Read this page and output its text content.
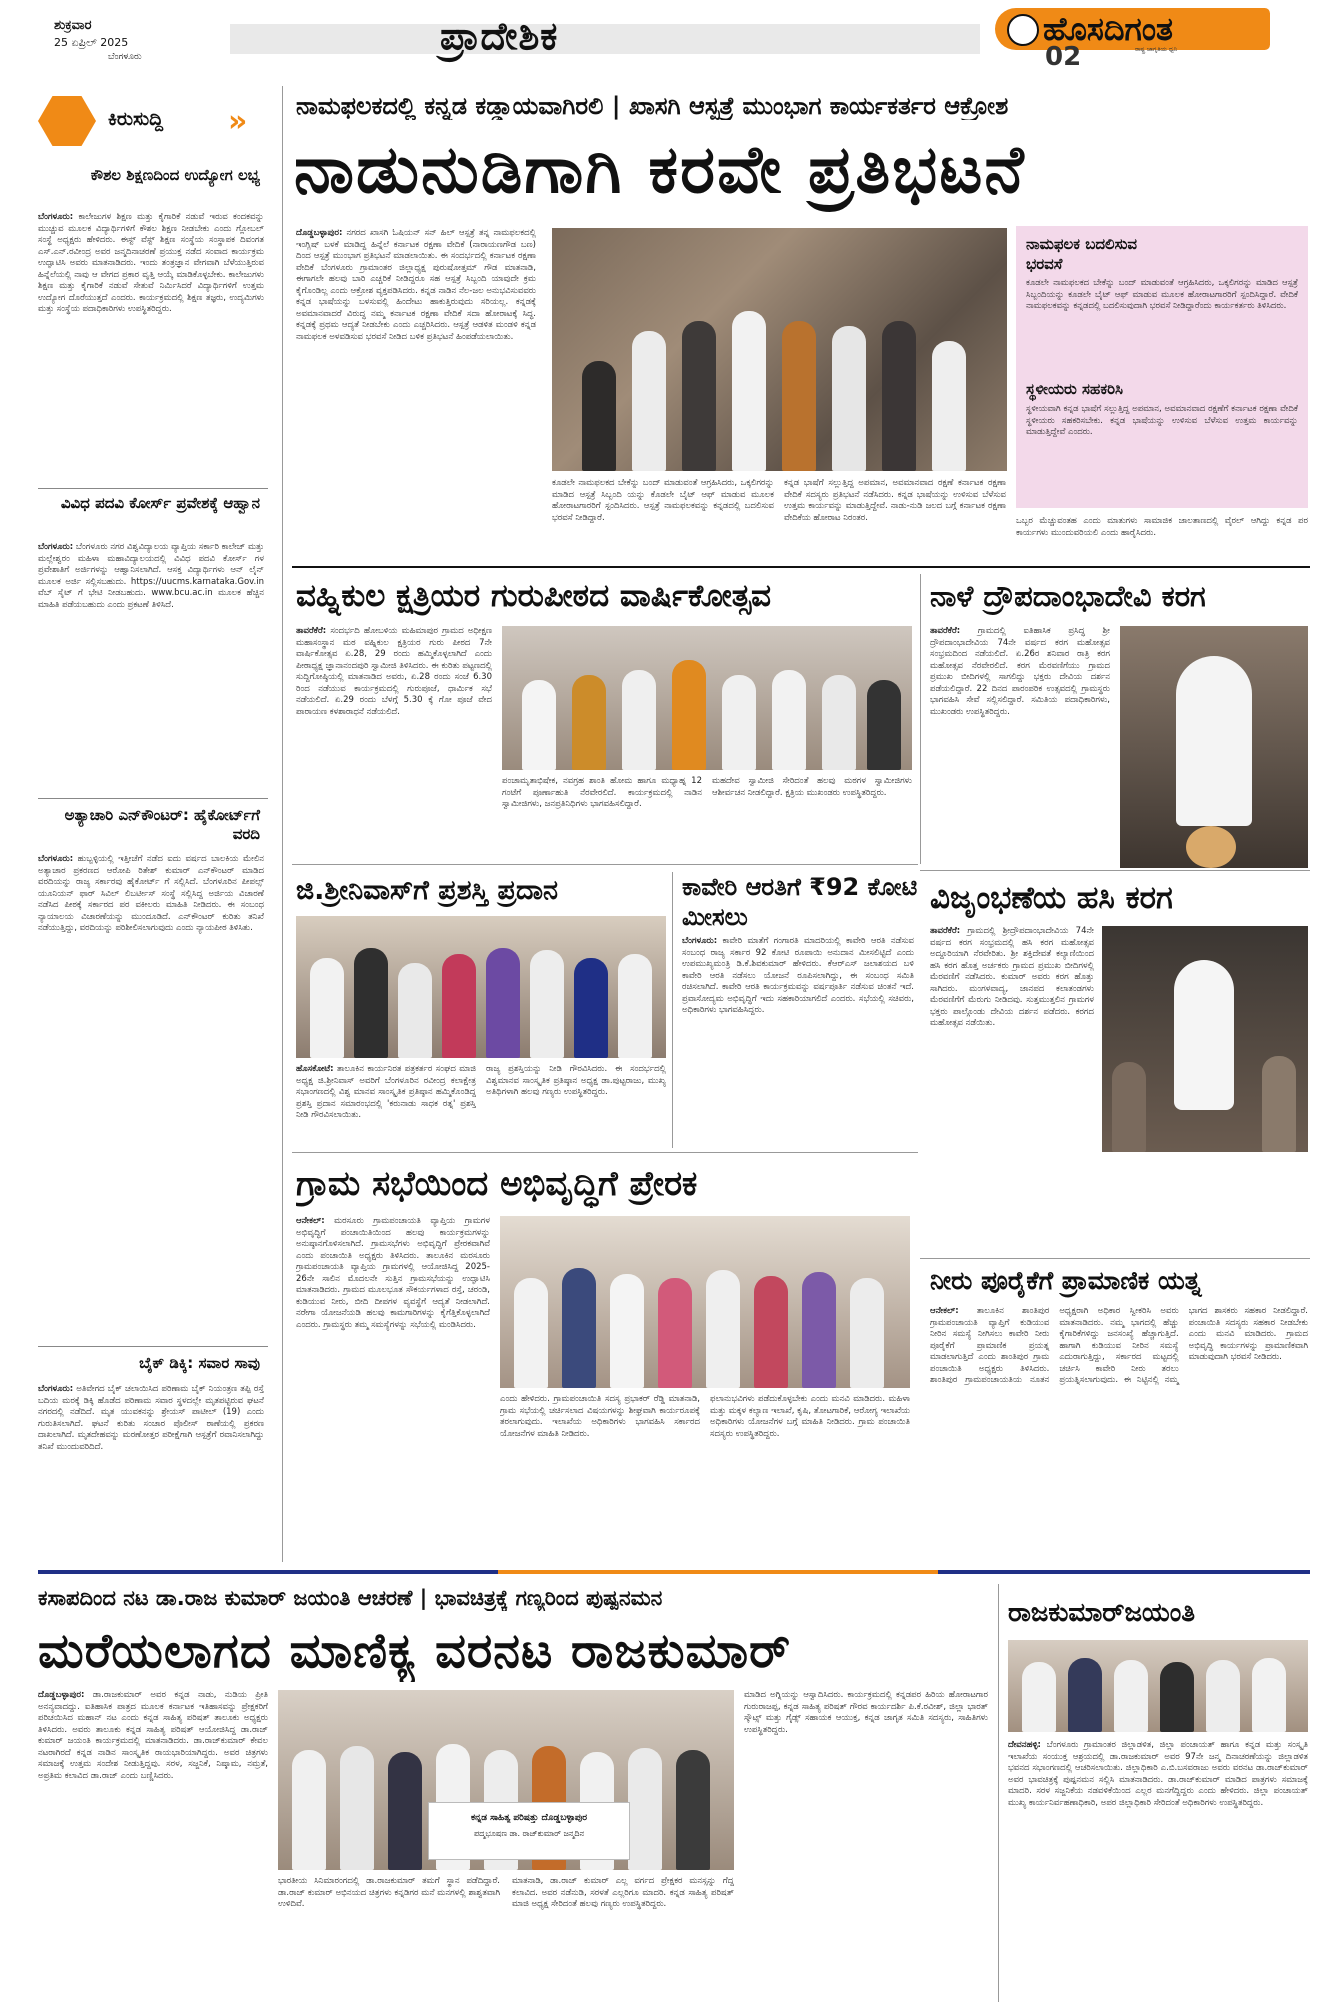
ಶುಕ್ರವಾರ
25 ಏಪ್ರಿಲ್ 2025
ಬೆಂಗಳೂರು	ಪ್ರಾದೇಶಿಕ	ಹೊಸದಿಗಂತ
ರಾಷ್ಟ್ರ ಜಾಗೃತಿಯ ಧ್ವನಿ
02
ಕಿರುಸುದ್ದಿ »
ಕೌಶಲ ಶಿಕ್ಷಣದಿಂದ ಉದ್ಯೋಗ ಲಭ್ಯ
ಬೆಂಗಳೂರು: ಕಾಲೇಜುಗಳ ಶಿಕ್ಷಣ ಮತ್ತು ಕೈಗಾರಿಕೆ ನಡುವೆ ಇರುವ ಕಂದಕವನ್ನು ಮುಚ್ಚುವ ಮೂಲಕ ವಿದ್ಯಾರ್ಥಿಗಳಿಗೆ ಕೌಶಲ ಶಿಕ್ಷಣ ನೀಡಬೇಕು ಎಂದು ಗ್ಲೋಬಲ್ ಸಂಸ್ಥೆ ಅಧ್ಯಕ್ಷರು ಹೇಳಿದರು. ಈಸ್ಟ್ ವೆಸ್ಟ್ ಶಿಕ್ಷಣ ಸಂಸ್ಥೆಯ ಸಂಸ್ಥಾಪಕ ದಿವಂಗತ ಎಸ್.ಎನ್.ರವೀಂದ್ರ ಅವರ ಜನ್ಮದಿನಾಚರಣೆ ಪ್ರಯುಕ್ತ ನಡೆದ ಸಂವಾದ ಕಾರ್ಯಕ್ರಮ ಉದ್ಘಾಟಿಸಿ ಅವರು ಮಾತನಾಡಿದರು. ಇಂದು ತಂತ್ರಜ್ಞಾನ ವೇಗವಾಗಿ ಬೆಳೆಯುತ್ತಿರುವ ಹಿನ್ನೆಲೆಯಲ್ಲಿ ನಾವು ಆ ವೇಗದ ಪ್ರಕಾರ ವೃತ್ತಿ ಆಯ್ಕೆ ಮಾಡಿಕೊಳ್ಳಬೇಕು. ಕಾಲೇಜುಗಳು ಶಿಕ್ಷಣ ಮತ್ತು ಕೈಗಾರಿಕೆ ನಡುವೆ ಸೇತುವೆ ನಿರ್ಮಿಸಿದರೆ ವಿದ್ಯಾರ್ಥಿಗಳಿಗೆ ಉತ್ತಮ ಉದ್ಯೋಗ ದೊರೆಯುತ್ತದೆ ಎಂದರು. ಕಾರ್ಯಕ್ರಮದಲ್ಲಿ ಶಿಕ್ಷಣ ತಜ್ಞರು, ಉದ್ಯಮಿಗಳು ಮತ್ತು ಸಂಸ್ಥೆಯ ಪದಾಧಿಕಾರಿಗಳು ಉಪಸ್ಥಿತರಿದ್ದರು.
ವಿವಿಧ ಪದವಿ ಕೋರ್ಸ್ ಪ್ರವೇಶಕ್ಕೆ ಆಹ್ವಾನ
ಬೆಂಗಳೂರು: ಬೆಂಗಳೂರು ನಗರ ವಿಶ್ವವಿದ್ಯಾಲಯ ವ್ಯಾಪ್ತಿಯ ಸರ್ಕಾರಿ ಕಾಲೇಜ್ ಮತ್ತು ಮಲ್ಲೇಶ್ವರಂ ಮಹಿಳಾ ಮಹಾವಿದ್ಯಾಲಯದಲ್ಲಿ ವಿವಿಧ ಪದವಿ ಕೋರ್ಸ್ ಗಳ ಪ್ರವೇಶಾತಿಗೆ ಅರ್ಜಿಗಳನ್ನು ಆಹ್ವಾನಿಸಲಾಗಿದೆ. ಆಸಕ್ತ ವಿದ್ಯಾರ್ಥಿಗಳು ಆನ್ ಲೈನ್ ಮೂಲಕ ಅರ್ಜಿ ಸಲ್ಲಿಸಬಹುದು. https://uucms.karnataka.Gov.in ವೆಬ್ ಸೈಟ್ ಗೆ ಭೇಟಿ ನೀಡಬಹುದು. www.bcu.ac.in ಮೂಲಕ ಹೆಚ್ಚಿನ ಮಾಹಿತಿ ಪಡೆಯಬಹುದು ಎಂದು ಪ್ರಕಟಣೆ ತಿಳಿಸಿದೆ.
ಅತ್ಯಾಚಾರಿ ಎನ್‌ಕೌಂಟರ್: ಹೈಕೋರ್ಟ್‌ಗೆ ವರದಿ
ಬೆಂಗಳೂರು: ಹುಬ್ಬಳ್ಳಿಯಲ್ಲಿ ಇತ್ತೀಚೆಗೆ ನಡೆದ ಐದು ವರ್ಷದ ಬಾಲಕಿಯ ಮೇಲಿನ ಅತ್ಯಾಚಾರ ಪ್ರಕರಣದ ಆರೋಪಿ ರಿತೇಶ್ ಕುಮಾರ್ ಎನ್‌ಕೌಂಟರ್ ಮಾಡಿದ ವರದಿಯನ್ನು ರಾಜ್ಯ ಸರ್ಕಾರವು ಹೈಕೋರ್ಟ್ ಗೆ ಸಲ್ಲಿಸಿದೆ. ಬೆಂಗಳೂರಿನ ಪೀಪಲ್ಸ್ ಯೂನಿಯನ್ ಫಾರ್ ಸಿವಿಲ್ ಲಿಬರ್ಟೀಸ್ ಸಂಸ್ಥೆ ಸಲ್ಲಿಸಿದ್ದ ಅರ್ಜಿಯ ವಿಚಾರಣೆ ನಡೆಸಿದ ಪೀಠಕ್ಕೆ ಸರ್ಕಾರದ ಪರ ವಕೀಲರು ಮಾಹಿತಿ ನೀಡಿದರು. ಈ ಸಂಬಂಧ ನ್ಯಾಯಾಲಯ ವಿಚಾರಣೆಯನ್ನು ಮುಂದೂಡಿದೆ. ಎನ್‌ಕೌಂಟರ್ ಕುರಿತು ತನಿಖೆ ನಡೆಯುತ್ತಿದ್ದು, ವರದಿಯನ್ನು ಪರಿಶೀಲಿಸಲಾಗುವುದು ಎಂದು ನ್ಯಾಯಪೀಠ ತಿಳಿಸಿತು.
ಬೈಕ್ ಡಿಕ್ಕಿ: ಸವಾರ ಸಾವು
ಬೆಂಗಳೂರು: ಅತಿವೇಗದ ಬೈಕ್ ಚಲಾಯಿಸಿದ ಪರಿಣಾಮ ಬೈಕ್ ನಿಯಂತ್ರಣ ತಪ್ಪಿ ರಸ್ತೆ ಬದಿಯ ಮರಕ್ಕೆ ಡಿಕ್ಕಿ ಹೊಡೆದ ಪರಿಣಾಮ ಸವಾರ ಸ್ಥಳದಲ್ಲೇ ಮೃತಪಟ್ಟಿರುವ ಘಟನೆ ನಗರದಲ್ಲಿ ನಡೆದಿದೆ. ಮೃತ ಯುವಕನನ್ನು ಶ್ರೇಯಸ್ ಪಾಟೀಲ್ (19) ಎಂದು ಗುರುತಿಸಲಾಗಿದೆ. ಘಟನೆ ಕುರಿತು ಸಂಚಾರ ಪೊಲೀಸ್ ಠಾಣೆಯಲ್ಲಿ ಪ್ರಕರಣ ದಾಖಲಾಗಿದೆ. ಮೃತದೇಹವನ್ನು ಮರಣೋತ್ತರ ಪರೀಕ್ಷೆಗಾಗಿ ಆಸ್ಪತ್ರೆಗೆ ರವಾನಿಸಲಾಗಿದ್ದು ತನಿಖೆ ಮುಂದುವರಿದಿದೆ.
ನಾಮಫಲಕದಲ್ಲಿ ಕನ್ನಡ ಕಡ್ಡಾಯವಾಗಿರಲಿ | ಖಾಸಗಿ ಆಸ್ಪತ್ರೆ ಮುಂಭಾಗ ಕಾರ್ಯಕರ್ತರ ಆಕ್ರೋಶ
ನಾಡುನುಡಿಗಾಗಿ ಕರವೇ ಪ್ರತಿಭಟನೆ
ದೊಡ್ಡಬಳ್ಳಾಪುರ: ನಗರದ ಖಾಸಗಿ ಓಷಿಯನ್ ಸನ್ ಹಿಲ್ ಆಸ್ಪತ್ರೆ ತನ್ನ ನಾಮಫಲಕದಲ್ಲಿ ಇಂಗ್ಲಿಷ್ ಬಳಕೆ ಮಾಡಿದ್ದ ಹಿನ್ನೆಲೆ ಕರ್ನಾಟಕ ರಕ್ಷಣಾ ವೇದಿಕೆ (ನಾರಾಯಣಗೌಡ ಬಣ) ದಿಂದ ಆಸ್ಪತ್ರೆ ಮುಂಭಾಗ ಪ್ರತಿಭಟನೆ ಮಾಡಲಾಯಿತು. ಈ ಸಂದರ್ಭದಲ್ಲಿ ಕರ್ನಾಟಕ ರಕ್ಷಣಾ ವೇದಿಕೆ ಬೆಂಗಳೂರು ಗ್ರಾಮಾಂತರ ಜಿಲ್ಲಾಧ್ಯಕ್ಷ ಪುರುಷೋತ್ತಮ್ ಗೌಡ ಮಾತನಾಡಿ, ಈಗಾಗಲೇ ಹಲವು ಬಾರಿ ಎಚ್ಚರಿಕೆ ನೀಡಿದ್ದರೂ ಸಹ ಆಸ್ಪತ್ರೆ ಸಿಬ್ಬಂದಿ ಯಾವುದೇ ಕ್ರಮ ಕೈಗೊಂಡಿಲ್ಲ ಎಂದು ಆಕ್ರೋಶ ವ್ಯಕ್ತಪಡಿಸಿದರು. ಕನ್ನಡ ನಾಡಿನ ನೆಲ-ಜಲ ಅನುಭವಿಸುವವರು ಕನ್ನಡ ಭಾಷೆಯನ್ನು ಬಳಸುವಲ್ಲಿ ಹಿಂದೇಟು ಹಾಕುತ್ತಿರುವುದು ಸರಿಯಲ್ಲ. ಕನ್ನಡಕ್ಕೆ ಅವಮಾನವಾದರೆ ವಿರುದ್ಧ ನಮ್ಮ ಕರ್ನಾಟಕ ರಕ್ಷಣಾ ವೇದಿಕೆ ಸದಾ ಹೋರಾಟಕ್ಕೆ ಸಿದ್ಧ. ಕನ್ನಡಕ್ಕೆ ಪ್ರಥಮ ಆದ್ಯತೆ ನೀಡಬೇಕು ಎಂದು ಎಚ್ಚರಿಸಿದರು. ಆಸ್ಪತ್ರೆ ಆಡಳಿತ ಮಂಡಳಿ ಕನ್ನಡ ನಾಮಫಲಕ ಅಳವಡಿಸುವ ಭರವಸೆ ನೀಡಿದ ಬಳಿಕ ಪ್ರತಿಭಟನೆ ಹಿಂಪಡೆಯಲಾಯಿತು.
ಕೂಡಲೇ ನಾಮಫಲಕದ ಬೇಕೆನ್ನು ಬಂದ್ ಮಾಡುವಂತೆ ಆಗ್ರಹಿಸಿದರು, ಒಕ್ಕಲಿಗರನ್ನು ಮಾಡಿದ ಆಸ್ಪತ್ರೆ ಸಿಬ್ಬಂದಿ ಯನ್ನು ಕೊಡಲೇ ಬೈಟ್ ಆಫ್ ಮಾಡುವ ಮೂಲಕ ಹೋರಾಟಗಾರರಿಗೆ ಸ್ಪಂದಿಸಿದರು. ಆಸ್ಪತ್ರೆ ನಾಮಫಲಕವನ್ನು ಕನ್ನಡದಲ್ಲಿ ಬದಲಿಸುವ ಭರವಸೆ ನೀಡಿದ್ದಾರೆ.
ಕನ್ನಡ ಭಾಷೆಗೆ ಸಲ್ಲುತ್ತಿದ್ದ ಅಪಮಾನ, ಅವಮಾನವಾದ ರಕ್ಷಣೆ ಕರ್ನಾಟಕ ರಕ್ಷಣಾ ವೇದಿಕೆ ಸದಸ್ಯರು ಪ್ರತಿಭಟನೆ ನಡೆಸಿದರು. ಕನ್ನಡ ಭಾಷೆಯನ್ನು ಉಳಿಸುವ ಬೆಳೆಸುವ ಉತ್ತಮ ಕಾರ್ಯವನ್ನು ಮಾಡುತ್ತಿದ್ದೇವೆ. ನಾಡು-ನುಡಿ ಜಲದ ಬಗ್ಗೆ ಕರ್ನಾಟಕ ರಕ್ಷಣಾ ವೇದಿಕೆಯ ಹೋರಾಟ ನಿರಂತರ.
ನಾಮಫಲಕ ಬದಲಿಸುವ ಭರವಸೆ
ಕೂಡಲೇ ನಾಮಫಲಕದ ಬೇಕೆನ್ನು ಬಂದ್ ಮಾಡುವಂತೆ ಆಗ್ರಹಿಸಿದರು, ಒಕ್ಕಲಿಗರನ್ನು ಮಾಡಿದ ಆಸ್ಪತ್ರೆ ಸಿಬ್ಬಂದಿಯನ್ನು ಕೂಡಲೇ ಬೈಟ್ ಆಫ್ ಮಾಡುವ ಮೂಲಕ ಹೋರಾಟಗಾರರಿಗೆ ಸ್ಪಂದಿಸಿದ್ದಾರೆ. ವೇದಿಕೆ ನಾಮಫಲಕವನ್ನು ಕನ್ನಡದಲ್ಲಿ ಬದಲಿಸುವುದಾಗಿ ಭರವಸೆ ನೀಡಿದ್ದಾರೆಂದು ಕಾರ್ಯಕರ್ತರು ತಿಳಿಸಿದರು.
ಸ್ಥಳೀಯರು ಸಹಕರಿಸಿ
ಸ್ಥಳೀಯವಾಗಿ ಕನ್ನಡ ಭಾಷೆಗೆ ಸಲ್ಲುತ್ತಿದ್ದ ಅಪಮಾನ, ಅವಮಾನವಾದ ರಕ್ಷಣೆಗೆ ಕರ್ನಾಟಕ ರಕ್ಷಣಾ ವೇದಿಕೆ ಸ್ಥಳೀಯರು ಸಹಕರಿಸಬೇಕು. ಕನ್ನಡ ಭಾಷೆಯನ್ನು ಉಳಿಸುವ ಬೆಳೆಸುವ ಉತ್ತಮ ಕಾರ್ಯವನ್ನು ಮಾಡುತ್ತಿದ್ದೇವೆ ಎಂದರು.
ಒಬ್ಬರ ಮೆಚ್ಚುವಂತಹ ಎಂದು ಮಾತುಗಳು ಸಾಮಾಜಿಕ ಜಾಲತಾಣದಲ್ಲಿ ವೈರಲ್ ಆಗಿದ್ದು ಕನ್ನಡ ಪರ ಕಾರ್ಯಗಳು ಮುಂದುವರಿಯಲಿ ಎಂದು ಹಾರೈಸಿದರು.
ವಹ್ನಿಕುಲ ಕ್ಷತ್ರಿಯರ ಗುರುಪೀಠದ ವಾರ್ಷಿಕೋತ್ಸವ
ತಾವರೆಕೆರೆ: ಸಂದರ್ಭದಿ ಹೋಬಳಿಯ ಮಹಿಮಾಪುರ ಗ್ರಾಮದ ಅಧೀಕ್ಷಣ ಮಹಾಸಂಸ್ಥಾನ ಮಠ ವಹ್ನಿಕುಲ ಕ್ಷತ್ರಿಯರ ಗುರು ಪೀಠದ 7ನೇ ವಾರ್ಷಿಕೋತ್ಸವ ಏ.28, 29 ರಂದು ಹಮ್ಮಿಕೊಳ್ಳಲಾಗಿದೆ ಎಂದು ಪೀಠಾಧ್ಯಕ್ಷ ಜ್ಞಾನಾನಂದಪುರಿ ಸ್ವಾಮೀಜಿ ತಿಳಿಸಿದರು. ಈ ಕುರಿತು ಪಟ್ಟಣದಲ್ಲಿ ಸುದ್ದಿಗೋಷ್ಠಿಯಲ್ಲಿ ಮಾತನಾಡಿದ ಅವರು, ಏ.28 ರಂದು ಸಂಜೆ 6.30 ರಿಂದ ನಡೆಯುವ ಕಾರ್ಯಕ್ರಮದಲ್ಲಿ ಗುರುಪೂಜೆ, ಧಾರ್ಮಿಕ ಸಭೆ ನಡೆಯಲಿದೆ. ಏ.29 ರಂದು ಬೆಳಗ್ಗೆ 5.30 ಕ್ಕೆ ಗೋ ಪೂಜೆ ವೇದ ಪಾರಾಯಣ ಕಳಶಾರಾಧನೆ ನಡೆಯಲಿದೆ.
ಪಂಚಾಮೃತಾಭಿಷೇಕ, ನವಗ್ರಹ ಶಾಂತಿ ಹೋಮ ಹಾಗೂ ಮಧ್ಯಾಹ್ನ 12 ಗಂಟೆಗೆ ಪೂರ್ಣಾಹುತಿ ನೆರವೇರಲಿದೆ. ಕಾರ್ಯಕ್ರಮದಲ್ಲಿ ನಾಡಿನ ಸ್ವಾಮೀಜಿಗಳು, ಜನಪ್ರತಿನಿಧಿಗಳು ಭಾಗವಹಿಸಲಿದ್ದಾರೆ.
ಮಹದೇವ ಸ್ವಾಮೀಜಿ ಸೇರಿದಂತೆ ಹಲವು ಮಠಗಳ ಸ್ವಾಮೀಜಿಗಳು ಆಶೀರ್ವಚನ ನೀಡಲಿದ್ದಾರೆ. ಕ್ಷತ್ರಿಯ ಮುಖಂಡರು ಉಪಸ್ಥಿತರಿದ್ದರು.
ನಾಳೆ ದ್ರೌಪದಾಂಭಾದೇವಿ ಕರಗ
ತಾವರೆಕೆರೆ: ಗ್ರಾಮದಲ್ಲಿ ಐತಿಹಾಸಿಕ ಪ್ರಸಿದ್ಧ ಶ್ರೀ ದ್ರೌಪದಾಂಭಾದೇವಿಯ 74ನೇ ವರ್ಷದ ಕರಗ ಮಹೋತ್ಸವ ಸಂಭ್ರಮದಿಂದ ನಡೆಯಲಿದೆ. ಏ.26ರ ಶನಿವಾರ ರಾತ್ರಿ ಕರಗ ಮಹೋತ್ಸವ ನೆರವೇರಲಿದೆ. ಕರಗ ಮೆರವಣಿಗೆಯು ಗ್ರಾಮದ ಪ್ರಮುಖ ಬೀದಿಗಳಲ್ಲಿ ಸಾಗಲಿದ್ದು ಭಕ್ತರು ದೇವಿಯ ದರ್ಶನ ಪಡೆಯಲಿದ್ದಾರೆ. 22 ದಿನದ ಪಾರಂಪರಿಕ ಉತ್ಸವದಲ್ಲಿ ಗ್ರಾಮಸ್ಥರು ಭಾಗವಹಿಸಿ ಸೇವೆ ಸಲ್ಲಿಸಲಿದ್ದಾರೆ. ಸಮಿತಿಯ ಪದಾಧಿಕಾರಿಗಳು, ಮುಖಂಡರು ಉಪಸ್ಥಿತರಿದ್ದರು.
ಜಿ.ಶ್ರೀನಿವಾಸ್‌ಗೆ ಪ್ರಶಸ್ತಿ ಪ್ರದಾನ
ಹೊಸಕೋಟೆ: ತಾಲೂಕಿನ ಕಾರ್ಯನಿರತ ಪತ್ರಕರ್ತರ ಸಂಘದ ಮಾಜಿ ಅಧ್ಯಕ್ಷ ಜಿ.ಶ್ರೀನಿವಾಸ್ ಅವರಿಗೆ ಬೆಂಗಳೂರಿನ ರವೀಂದ್ರ ಕಲಾಕ್ಷೇತ್ರ ಸಭಾಂಗಣದಲ್ಲಿ ವಿಶ್ವ ಮಾನವ ಸಾಂಸ್ಕೃತಿಕ ಪ್ರತಿಷ್ಠಾನ ಹಮ್ಮಿಕೊಂಡಿದ್ದ ಪ್ರಶಸ್ತಿ ಪ್ರದಾನ ಸಮಾರಂಭದಲ್ಲಿ 'ಕರುನಾಡು ಸಾಧಕ ರತ್ನ' ಪ್ರಶಸ್ತಿ ನೀಡಿ ಗೌರವಿಸಲಾಯಿತು.
ರಾಜ್ಯ ಪ್ರಶಸ್ತಿಯನ್ನು ನೀಡಿ ಗೌರವಿಸಿದರು. ಈ ಸಂದರ್ಭದಲ್ಲಿ ವಿಶ್ವಮಾನವ ಸಾಂಸ್ಕೃತಿಕ ಪ್ರತಿಷ್ಠಾನ ಅಧ್ಯಕ್ಷ ಡಾ.ಪುಟ್ಟರಾಜು, ಮುಖ್ಯ ಅತಿಥಿಗಳಾಗಿ ಹಲವು ಗಣ್ಯರು ಉಪಸ್ಥಿತರಿದ್ದರು.
ಕಾವೇರಿ ಆರತಿಗೆ ₹92 ಕೋಟಿ ಮೀಸಲು
ಬೆಂಗಳೂರು: ಕಾವೇರಿ ಮಾತೆಗೆ ಗಂಗಾರತಿ ಮಾದರಿಯಲ್ಲಿ ಕಾವೇರಿ ಆರತಿ ನಡೆಸುವ ಸಂಬಂಧ ರಾಜ್ಯ ಸರ್ಕಾರ 92 ಕೋಟಿ ರೂಪಾಯಿ ಅನುದಾನ ಮೀಸಲಿಟ್ಟಿದೆ ಎಂದು ಉಪಮುಖ್ಯಮಂತ್ರಿ ಡಿ.ಕೆ.ಶಿವಕುಮಾರ್ ಹೇಳಿದರು. ಕೆಆರ್‌ಎಸ್ ಜಲಾಶಯದ ಬಳಿ ಕಾವೇರಿ ಆರತಿ ನಡೆಸಲು ಯೋಜನೆ ರೂಪಿಸಲಾಗಿದ್ದು, ಈ ಸಂಬಂಧ ಸಮಿತಿ ರಚಿಸಲಾಗಿದೆ. ಕಾವೇರಿ ಆರತಿ ಕಾರ್ಯಕ್ರಮವನ್ನು ವರ್ಷಪೂರ್ತಿ ನಡೆಸುವ ಚಿಂತನೆ ಇದೆ. ಪ್ರವಾಸೋದ್ಯಮ ಅಭಿವೃದ್ಧಿಗೆ ಇದು ಸಹಕಾರಿಯಾಗಲಿದೆ ಎಂದರು. ಸಭೆಯಲ್ಲಿ ಸಚಿವರು, ಅಧಿಕಾರಿಗಳು ಭಾಗವಹಿಸಿದ್ದರು.
ವಿಜೃಂಭಣೆಯ ಹಸಿ ಕರಗ
ತಾವರೆಕೆರೆ: ಗ್ರಾಮದಲ್ಲಿ ಶ್ರೀದ್ರೌಪದಾಂಭಾದೇವಿಯ 74ನೇ ವರ್ಷದ ಕರಗ ಸಂಭ್ರಮದಲ್ಲಿ ಹಸಿ ಕರಗ ಮಹೋತ್ಸವ ಅದ್ದೂರಿಯಾಗಿ ನೆರವೇರಿತು. ಶ್ರೀ ಶಕ್ತಿದೇವತೆ ಕಲ್ಯಾಣಿಯಿಂದ ಹಸಿ ಕರಗ ಹೊತ್ತ ಅರ್ಚಕರು ಗ್ರಾಮದ ಪ್ರಮುಖ ಬೀದಿಗಳಲ್ಲಿ ಮೆರವಣಿಗೆ ನಡೆಸಿದರು. ಕುಮಾರ್ ಅವರು ಕರಗ ಹೊತ್ತು ಸಾಗಿದರು. ಮಂಗಳವಾದ್ಯ, ಜಾನಪದ ಕಲಾತಂಡಗಳು ಮೆರವಣಿಗೆಗೆ ಮೆರುಗು ನೀಡಿದವು. ಸುತ್ತಮುತ್ತಲಿನ ಗ್ರಾಮಗಳ ಭಕ್ತರು ಪಾಲ್ಗೊಂಡು ದೇವಿಯ ದರ್ಶನ ಪಡೆದರು. ಕರಗದ ಮಹೋತ್ಸವ ನಡೆಯಿತು.
ಗ್ರಾಮ ಸಭೆಯಿಂದ ಅಭಿವೃದ್ಧಿಗೆ ಪ್ರೇರಕ
ಆನೇಕಲ್: ಮರಸೂರು ಗ್ರಾಮಪಂಚಾಯತಿ ವ್ಯಾಪ್ತಿಯ ಗ್ರಾಮಗಳ ಅಭಿವೃದ್ಧಿಗೆ ಪಂಚಾಯಿತಿಯಿಂದ ಹಲವು ಕಾರ್ಯಕ್ರಮಗಳನ್ನು ಅನುಷ್ಠಾನಗೊಳಿಸಲಾಗಿದೆ. ಗ್ರಾಮಸಭೆಗಳು ಅಭಿವೃದ್ಧಿಗೆ ಪ್ರೇರಕವಾಗಿವೆ ಎಂದು ಪಂಚಾಯಿತಿ ಅಧ್ಯಕ್ಷರು ತಿಳಿಸಿದರು. ತಾಲೂಕಿನ ಮರಸೂರು ಗ್ರಾಮಪಂಚಾಯತಿ ವ್ಯಾಪ್ತಿಯ ಗ್ರಾಮಗಳಲ್ಲಿ ಆಯೋಜಿಸಿದ್ದ 2025-26ನೇ ಸಾಲಿನ ಮೊದಲನೇ ಸುತ್ತಿನ ಗ್ರಾಮಸಭೆಯನ್ನು ಉದ್ಘಾಟಿಸಿ ಮಾತನಾಡಿದರು. ಗ್ರಾಮದ ಮೂಲಭೂತ ಸೌಕರ್ಯಗಳಾದ ರಸ್ತೆ, ಚರಂಡಿ, ಕುಡಿಯುವ ನೀರು, ಬೀದಿ ದೀಪಗಳ ವ್ಯವಸ್ಥೆಗೆ ಆದ್ಯತೆ ನೀಡಲಾಗಿದೆ. ನರೇಗಾ ಯೋಜನೆಯಡಿ ಹಲವು ಕಾಮಗಾರಿಗಳನ್ನು ಕೈಗೆತ್ತಿಕೊಳ್ಳಲಾಗಿದೆ ಎಂದರು. ಗ್ರಾಮಸ್ಥರು ತಮ್ಮ ಸಮಸ್ಯೆಗಳನ್ನು ಸಭೆಯಲ್ಲಿ ಮಂಡಿಸಿದರು.
ಎಂದು ಹೇಳಿದರು. ಗ್ರಾಮಪಂಚಾಯಿತಿ ಸದಸ್ಯ ಪ್ರಭಾಕರ್ ರೆಡ್ಡಿ ಮಾತನಾಡಿ, ಗ್ರಾಮ ಸಭೆಯಲ್ಲಿ ಚರ್ಚಿಸಲಾದ ವಿಷಯಗಳನ್ನು ಶೀಘ್ರವಾಗಿ ಕಾರ್ಯರೂಪಕ್ಕೆ ತರಲಾಗುವುದು. ಇಲಾಖೆಯ ಅಧಿಕಾರಿಗಳು ಭಾಗವಹಿಸಿ ಸರ್ಕಾರದ ಯೋಜನೆಗಳ ಮಾಹಿತಿ ನೀಡಿದರು.
ಫಲಾನುಭವಿಗಳು ಪಡೆದುಕೊಳ್ಳಬೇಕು ಎಂದು ಮನವಿ ಮಾಡಿದರು. ಮಹಿಳಾ ಮತ್ತು ಮಕ್ಕಳ ಕಲ್ಯಾಣ ಇಲಾಖೆ, ಕೃಷಿ, ತೋಟಗಾರಿಕೆ, ಆರೋಗ್ಯ ಇಲಾಖೆಯ ಅಧಿಕಾರಿಗಳು ಯೋಜನೆಗಳ ಬಗ್ಗೆ ಮಾಹಿತಿ ನೀಡಿದರು. ಗ್ರಾಮ ಪಂಚಾಯಿತಿ ಸದಸ್ಯರು ಉಪಸ್ಥಿತರಿದ್ದರು.
ನೀರು ಪೂರೈಕೆಗೆ ಪ್ರಾಮಾಣಿಕ ಯತ್ನ
ಆನೇಕಲ್: ತಾಲೂಕಿನ ಶಾಂತಿಪುರ ಗ್ರಾಮಪಂಚಾಯತಿ ವ್ಯಾಪ್ತಿಗೆ ಕುಡಿಯುವ ನೀರಿನ ಸಮಸ್ಯೆ ನೀಗಿಸಲು ಕಾವೇರಿ ನೀರು ಪೂರೈಕೆಗೆ ಪ್ರಾಮಾಣಿಕ ಪ್ರಯತ್ನ ಮಾಡಲಾಗುತ್ತಿದೆ ಎಂದು ಶಾಂತಿಪುರ ಗ್ರಾಮ ಪಂಚಾಯಿತಿ ಅಧ್ಯಕ್ಷರು ತಿಳಿಸಿದರು. ಶಾಂತಿಪುರ ಗ್ರಾಮಪಂಚಾಯತಿಯ ನೂತನ ಅಧ್ಯಕ್ಷರಾಗಿ ಅಧಿಕಾರ ಸ್ವೀಕರಿಸಿ ಅವರು ಮಾತನಾಡಿದರು. ನಮ್ಮ ಭಾಗದಲ್ಲಿ ಹೆಚ್ಚು ಕೈಗಾರಿಕೆಗಳಿದ್ದು ಜನಸಂಖ್ಯೆ ಹೆಚ್ಚಾಗುತ್ತಿದೆ. ಹಾಗಾಗಿ ಕುಡಿಯುವ ನೀರಿನ ಸಮಸ್ಯೆ ಎದುರಾಗುತ್ತಿದ್ದು, ಸರ್ಕಾರದ ಮಟ್ಟದಲ್ಲಿ ಚರ್ಚಿಸಿ ಕಾವೇರಿ ನೀರು ತರಲು ಪ್ರಯತ್ನಿಸಲಾಗುವುದು. ಈ ನಿಟ್ಟಿನಲ್ಲಿ ನಮ್ಮ ಭಾಗದ ಶಾಸಕರು ಸಹಕಾರ ನೀಡಲಿದ್ದಾರೆ. ಪಂಚಾಯಿತಿ ಸದಸ್ಯರು ಸಹಕಾರ ನೀಡಬೇಕು ಎಂದು ಮನವಿ ಮಾಡಿದರು. ಗ್ರಾಮದ ಅಭಿವೃದ್ಧಿ ಕಾರ್ಯಗಳನ್ನು ಪ್ರಾಮಾಣಿಕವಾಗಿ ಮಾಡುವುದಾಗಿ ಭರವಸೆ ನೀಡಿದರು.
ಕಸಾಪದಿಂದ ನಟ ಡಾ.ರಾಜ ಕುಮಾರ್ ಜಯಂತಿ ಆಚರಣೆ | ಭಾವಚಿತ್ರಕ್ಕೆ ಗಣ್ಯರಿಂದ ಪುಷ್ಪನಮನ
ಮರೆಯಲಾಗದ ಮಾಣಿಕ್ಯ ವರನಟ ರಾಜಕುಮಾರ್
ದೊಡ್ಡಬಳ್ಳಾಪುರ: ಡಾ.ರಾಜಕುಮಾರ್ ಅವರ ಕನ್ನಡ ನಾಡು, ನುಡಿಯ ಪ್ರೀತಿ ಅನನ್ಯವಾದದ್ದು. ಐತಿಹಾಸಿಕ ಪಾತ್ರದ ಮೂಲಕ ಕರ್ನಾಟಕ ಇತಿಹಾಸವನ್ನು ಪ್ರೇಕ್ಷಕರಿಗೆ ಪರಿಚಯಿಸಿದ ಮಹಾನ್ ನಟ ಎಂದು ಕನ್ನಡ ಸಾಹಿತ್ಯ ಪರಿಷತ್ ತಾಲೂಕು ಅಧ್ಯಕ್ಷರು ತಿಳಿಸಿದರು. ಅವರು ತಾಲೂಕು ಕನ್ನಡ ಸಾಹಿತ್ಯ ಪರಿಷತ್ ಆಯೋಜಿಸಿದ್ದ ಡಾ.ರಾಜ್ ಕುಮಾರ್ ಜಯಂತಿ ಕಾರ್ಯಕ್ರಮದಲ್ಲಿ ಮಾತನಾಡಿದರು. ಡಾ.ರಾಜ್‌ಕುಮಾರ್ ಕೇವಲ ನಟರಾಗಿರದೆ ಕನ್ನಡ ನಾಡಿನ ಸಾಂಸ್ಕೃತಿಕ ರಾಯಭಾರಿಯಾಗಿದ್ದರು. ಅವರ ಚಿತ್ರಗಳು ಸಮಾಜಕ್ಕೆ ಉತ್ತಮ ಸಂದೇಶ ನೀಡುತ್ತಿದ್ದವು. ಸರಳ, ಸಜ್ಜನಿಕೆ, ನಿಷ್ಕಾಮ, ನಮ್ರತೆ, ಅಪ್ರತಿಮ ಕಲಾವಿದ ಡಾ.ರಾಜ್ ಎಂದು ಬಣ್ಣಿಸಿದರು.
ಕನ್ನಡ ಸಾಹಿತ್ಯ ಪರಿಷತ್ತು ದೊಡ್ಡಬಳ್ಳಾಪುರ
ಪದ್ಮಭೂಷಣ ಡಾ. ರಾಜ್‌ಕುಮಾರ್ ಜನ್ಮದಿನ
ಭಾರತೀಯ ಸಿನಿಮಾರಂಗದಲ್ಲಿ ಡಾ.ರಾಜಕುಮಾರ್ ತಮಗೆ ಸ್ಥಾನ ಪಡೆದಿದ್ದಾರೆ. ಡಾ.ರಾಜ್ ಕುಮಾರ್ ಅಭಿನಯದ ಚಿತ್ರಗಳು ಕನ್ನಡಿಗರ ಮನೆ ಮನಗಳಲ್ಲಿ ಶಾಶ್ವತವಾಗಿ ಉಳಿದಿವೆ.
ಮಾತನಾಡಿ, ಡಾ.ರಾಜ್ ಕುಮಾರ್ ಎಲ್ಲ ವರ್ಗದ ಪ್ರೇಕ್ಷಕರ ಮನಸ್ಸನ್ನು ಗೆದ್ದ ಕಲಾವಿದ. ಅವರ ನಡೆನುಡಿ, ಸರಳತೆ ಎಲ್ಲರಿಗೂ ಮಾದರಿ. ಕನ್ನಡ ಸಾಹಿತ್ಯ ಪರಿಷತ್ ಮಾಜಿ ಅಧ್ಯಕ್ಷ ಸೇರಿದಂತೆ ಹಲವು ಗಣ್ಯರು ಉಪಸ್ಥಿತರಿದ್ದರು.
ಮಾಡಿದ ಅಗ್ನಿಯನ್ನು ಆಸ್ವಾದಿಸಿದರು. ಕಾರ್ಯಕ್ರಮದಲ್ಲಿ ಕನ್ನಡಪರ ಹಿರಿಯ ಹೋರಾಟಗಾರ ಗುರುರಾಜಪ್ಪ, ಕನ್ನಡ ಸಾಹಿತ್ಯ ಪರಿಷತ್ ಗೌರವ ಕಾರ್ಯದರ್ಶಿ ಪಿ.ಕೆ.ರವೀಶ್, ಜಿಲ್ಲಾ ಭಾರತ್ ಸ್ಕೌಟ್ಸ್ ಮತ್ತು ಗೈಡ್ಸ್ ಸಹಾಯಕ ಆಯುಕ್ತ, ಕನ್ನಡ ಜಾಗೃತ ಸಮಿತಿ ಸದಸ್ಯರು, ಸಾಹಿತಿಗಳು ಉಪಸ್ಥಿತರಿದ್ದರು.
ರಾಜಕುಮಾರ್‌ಜಯಂತಿ
ದೇವನಹಳ್ಳಿ: ಬೆಂಗಳೂರು ಗ್ರಾಮಾಂತರ ಜಿಲ್ಲಾಡಳಿತ, ಜಿಲ್ಲಾ ಪಂಚಾಯತ್ ಹಾಗೂ ಕನ್ನಡ ಮತ್ತು ಸಂಸ್ಕೃತಿ ಇಲಾಖೆಯ ಸಂಯುಕ್ತ ಆಶ್ರಯದಲ್ಲಿ ಡಾ.ರಾಜಕುಮಾರ್ ಅವರ 97ನೇ ಜನ್ಮ ದಿನಾಚರಣೆಯನ್ನು ಜಿಲ್ಲಾಡಳಿತ ಭವನದ ಸಭಾಂಗಣದಲ್ಲಿ ಆಚರಿಸಲಾಯಿತು. ಜಿಲ್ಲಾಧಿಕಾರಿ ಎ.ಬಿ.ಬಸವರಾಜು ಅವರು ವರನಟ ಡಾ.ರಾಜ್‌ಕುಮಾರ್ ಅವರ ಭಾವಚಿತ್ರಕ್ಕೆ ಪುಷ್ಪನಮನ ಸಲ್ಲಿಸಿ ಮಾತನಾಡಿದರು. ಡಾ.ರಾಜ್‌ಕುಮಾರ್ ಮಾಡಿದ ಪಾತ್ರಗಳು ಸಮಾಜಕ್ಕೆ ಮಾದರಿ. ಸರಳ ಸಜ್ಜನಿಕೆಯ ನಡವಳಿಕೆಯಿಂದ ಎಲ್ಲರ ಮನಗೆದ್ದಿದ್ದರು ಎಂದು ಹೇಳಿದರು. ಜಿಲ್ಲಾ ಪಂಚಾಯತ್ ಮುಖ್ಯ ಕಾರ್ಯನಿರ್ವಹಣಾಧಿಕಾರಿ, ಅಪರ ಜಿಲ್ಲಾಧಿಕಾರಿ ಸೇರಿದಂತೆ ಅಧಿಕಾರಿಗಳು ಉಪಸ್ಥಿತರಿದ್ದರು.
